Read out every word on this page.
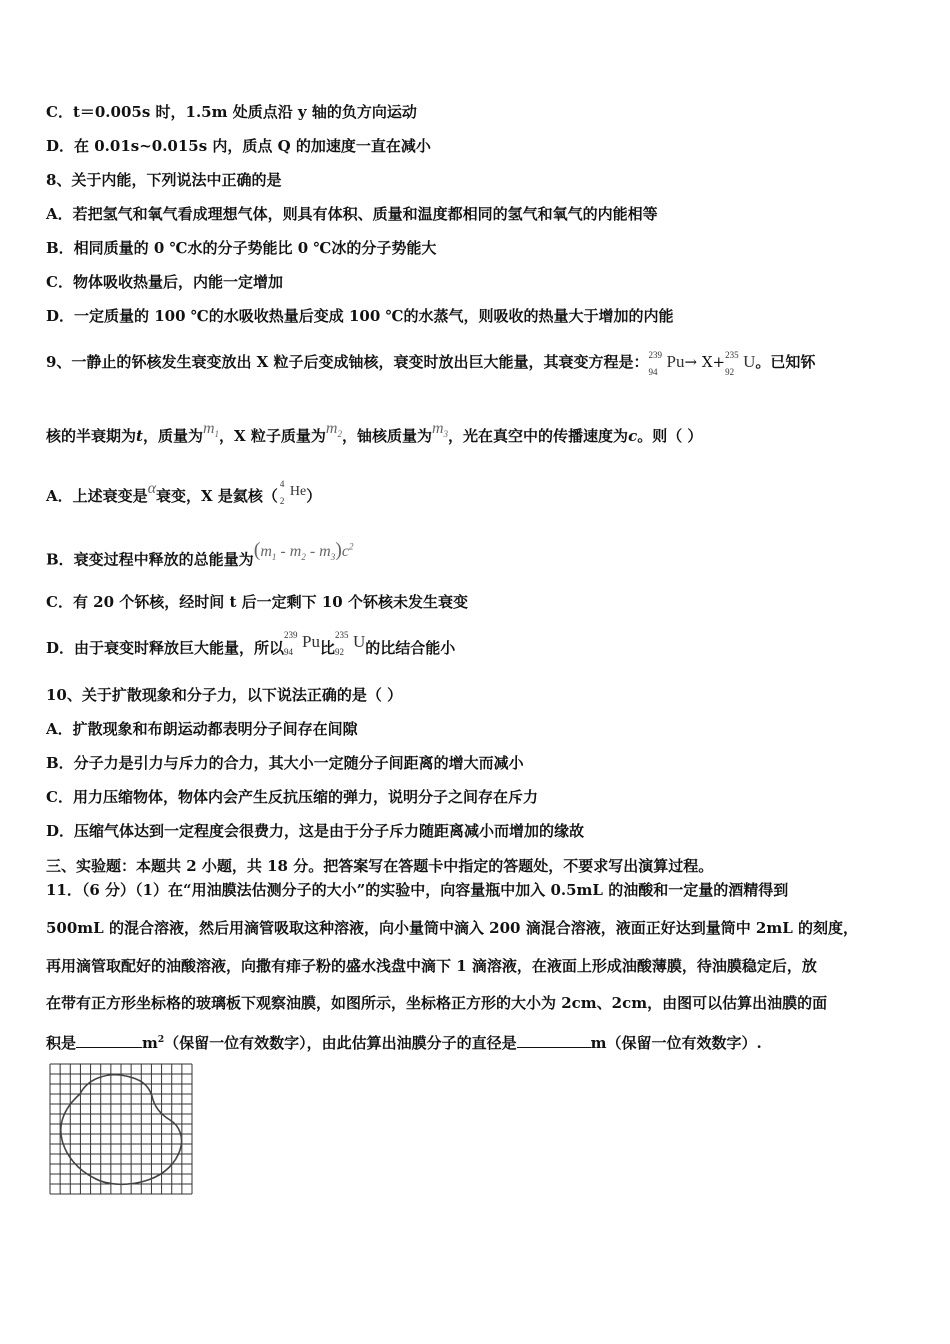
C．t＝0.005s 时，1.5m 处质点沿 y 轴的负方向运动
D．在 0.01s~0.015s 内，质点 Q 的加速度一直在减小
8、关于内能，下列说法中正确的是
A．若把氢气和氧气看成理想气体，则具有体积、质量和温度都相同的氢气和氧气的内能相等
B．相同质量的 0 ℃水的分子势能比 0 ℃冰的分子势能大
C．物体吸收热量后，内能一定增加
D．一定质量的 100 ℃的水吸收热量后变成 100 ℃的水蒸气，则吸收的热量大于增加的内能
9、一静止的钚核发生衰变放出 X 粒子后变成铀核，衰变时放出巨大能量，其衰变方程是： 239
94
Pu→ X+ 235
92
U。已知钚
核的半衰期为t，质量为$m_1$，X 粒子质量为$m_2$，铀核质量为$m_3$，光在真空中的传播速度为c。则（ ）
A．上述衰变是α衰变，X 是氦核（
4
2
He）
B．衰变过程中释放的总能量为$(m_1 - m_2 - m_3)c^2$
C．有 20 个钚核，经时间 t 后一定剩下 10 个钚核未发生衰变
D．由于衰变时释放巨大能量，所以
239
94
Pu比
235
92
U的比结合能小
10、关于扩散现象和分子力，以下说法正确的是（ ）
A．扩散现象和布朗运动都表明分子间存在间隙
B．分子力是引力与斥力的合力，其大小一定随分子间距离的增大而减小
C．用力压缩物体，物体内会产生反抗压缩的弹力，说明分子之间存在斥力
D．压缩气体达到一定程度会很费力，这是由于分子斥力随距离减小而增加的缘故
三、实验题：本题共 2 小题，共 18 分。把答案写在答题卡中指定的答题处，不要求写出演算过程。
11．（6 分）（1）在“用油膜法估测分子的大小”的实验中，向容量瓶中加入 0.5mL 的油酸和一定量的酒精得到
500mL 的混合溶液，然后用滴管吸取这种溶液，向小量筒中滴入 200 滴混合溶液，液面正好达到量筒中 2mL 的刻度，
再用滴管取配好的油酸溶液，向撒有痱子粉的盛水浅盘中滴下 1 滴溶液，在液面上形成油酸薄膜，待油膜稳定后，放
在带有正方形坐标格的玻璃板下观察油膜，如图所示，坐标格正方形的大小为 2cm、2cm，由图可以估算出油膜的面
积是	$m^2$（保留一位有效数字），由此估算出油膜分子的直径是	m（保留一位有效数字）.
